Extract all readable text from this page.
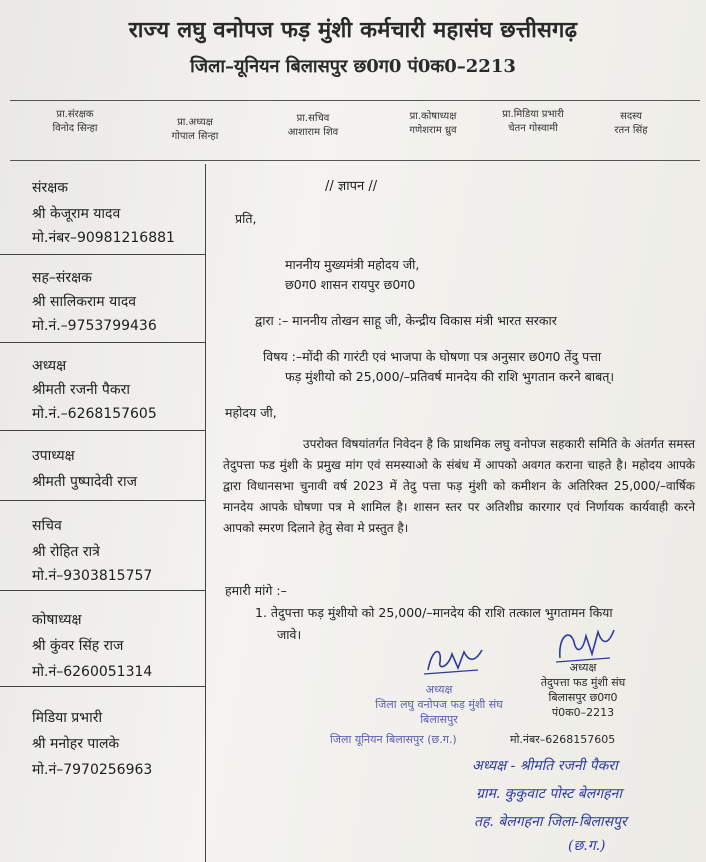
राज्य लघु वनोपज फड़ मुंशी कर्मचारी महासंघ छत्तीसगढ़
जिला–यूनियन बिलासपुर छ0ग0 पं0क0–2213
प्रा.संरक्षक
विनोद सिन्हा
प्रा.अध्यक्ष
गोपाल सिन्हा
प्रा.सचिव
आशाराम शिव
प्रा.कोषाध्यक्ष
गणेशराम ध्रुव
प्रा.मिडिया प्रभारी
चेतन गोस्वामी
सदस्य
रतन सिंह
संरक्षक
श्री केजूराम यादव
मो.नंबर–90981216881
सह–संरक्षक
श्री सालिकराम यादव
मो.नं.–9753799436
अध्यक्ष
श्रीमती रजनी पैकरा
मो.नं.–6268157605
उपाध्यक्ष
श्रीमती पुष्पादेवी राज
सचिव
श्री रोहित रात्रे
मो.नं–9303815757
कोषाध्यक्ष
श्री कुंवर सिंह राज
मो.नं–6260051314
मिडिया प्रभारी
श्री मनोहर पालके
मो.नं–7970256963
// ज्ञापन //
प्रति,
माननीय मुख्यमंत्री महोदय जी,
छ0ग0 शासन रायपुर छ0ग0
द्वारा :– माननीय तोखन साहू जी, केन्द्रीय विकास मंत्री भारत सरकार
विषय :–मोंदी की गारंटी एवं भाजपा के घोषणा पत्र अनुसार छ0ग0 तेंदु पत्ता
फड़ मुंशीयो को 25,000/–प्रतिवर्ष मानदेय की राशि भुगतान करने बाबत्।
महोदय जी,
उपरोक्त विषयांतर्गत निवेदन है कि प्राथमिक लघु वनोपज सहकारी समिति के अंतर्गत समस्त तेदुपत्ता फड मुंशी के प्रमुख मांग एवं समस्याओ के संबंध में आपको अवगत कराना चाहते है। महोदय आपके द्वारा विधानसभा चुनावी वर्ष 2023 में तेदु पत्ता फड़ मुंशी को कमीशन के अतिरिक्त 25,000/–वार्षिक मानदेय आपके घोषणा पत्र मे शामिल है। शासन स्तर पर अतिशीघ्र कारगार एवं निर्णायक कार्यवाही करने आपको स्मरण दिलाने हेतु सेवा मे प्रस्तुत है।
हमारी मांगे :–
1. तेदुपत्ता फड़ मुंशीयो को 25,000/–मानदेय की राशि तत्काल भुगतामन किया
जावे।
अध्यक्ष
जिला लघु वनोपज फड़ मुंशी संघ
बिलासपुर
जिला यूनियन बिलासपुर (छ.ग.)	मो.नंबर–6268157605
अध्यक्ष
तेदुपत्ता फड मुंशी संघ
बिलासपुर छ0ग0
पं0क0–2213
अध्यक्ष - श्रीमति रजनी पैकरा
ग्राम. कुकुवाट पोस्ट बेलगहना
तह. बेलगहना जिला-बिलासपुर
(छ.ग.)
